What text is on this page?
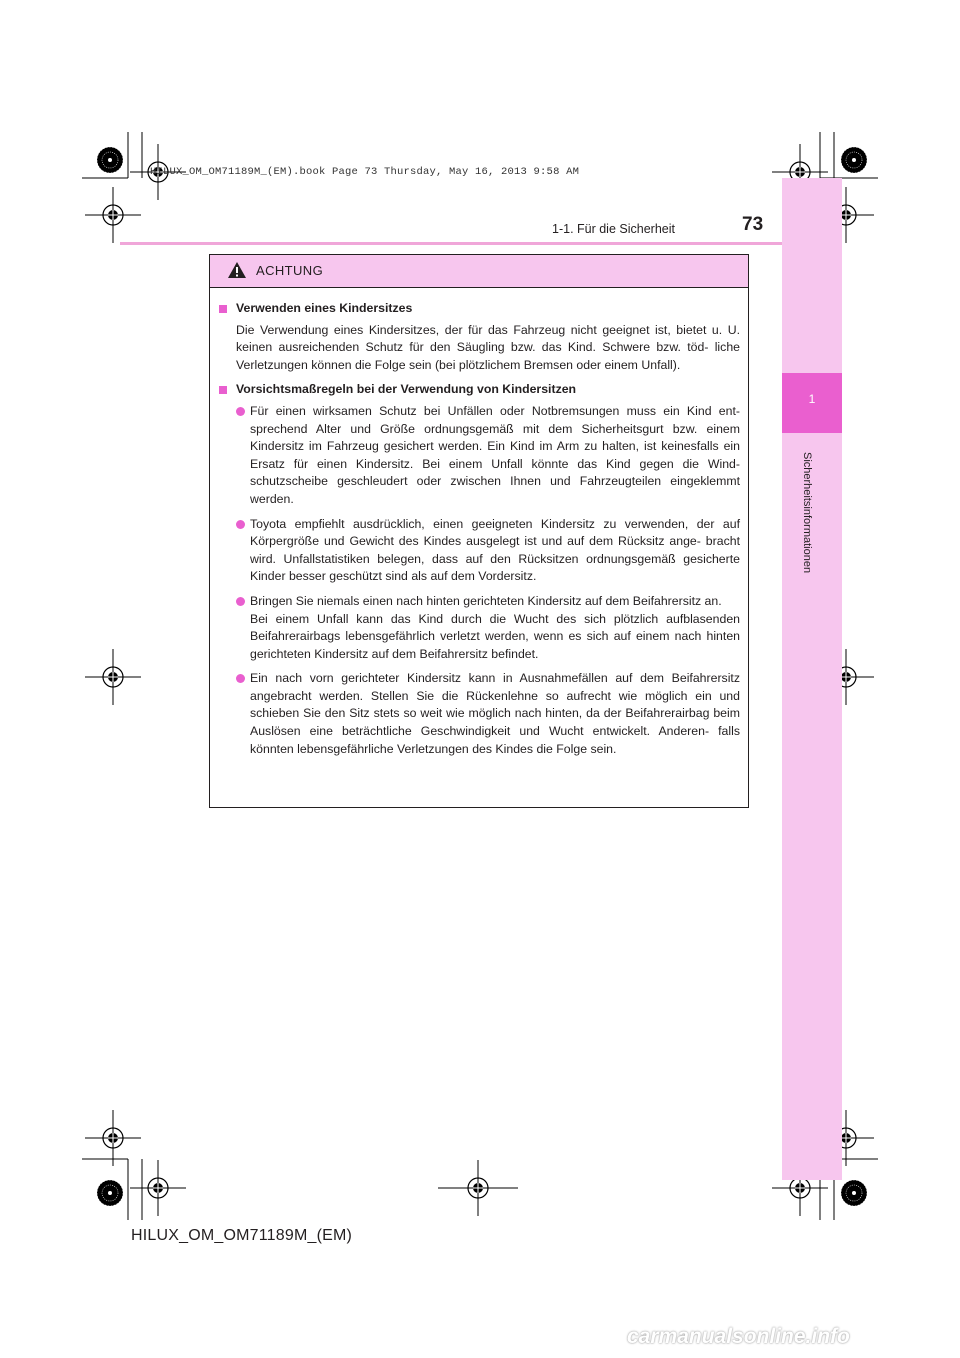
HILUX_OM_OM71189M_(EM).book Page 73 Thursday, May 16, 2013 9:58 AM
1
Sicherheitsinformationen
1-1. Für die Sicherheit	73
ACHTUNG
Verwenden eines Kindersitzes
Die Verwendung eines Kindersitzes, der für das Fahrzeug nicht geeignet ist, bietet u. U. keinen ausreichenden Schutz für den Säugling bzw. das Kind. Schwere bzw. töd- liche Verletzungen können die Folge sein (bei plötzlichem Bremsen oder einem Unfall).
Vorsichtsmaßregeln bei der Verwendung von Kindersitzen

Für einen wirksamen Schutz bei Unfällen oder Notbremsungen muss ein Kind ent- sprechend Alter und Größe ordnungsgemäß mit dem Sicherheitsgurt bzw. einem Kindersitz im Fahrzeug gesichert werden. Ein Kind im Arm zu halten, ist keinesfalls ein Ersatz für einen Kindersitz. Bei einem Unfall könnte das Kind gegen die Wind- schutzscheibe geschleudert oder zwischen Ihnen und Fahrzeugteilen eingeklemmt werden.

Toyota empfiehlt ausdrücklich, einen geeigneten Kindersitz zu verwenden, der auf Körpergröße und Gewicht des Kindes ausgelegt ist und auf dem Rücksitz ange- bracht wird. Unfallstatistiken belegen, dass auf den Rücksitzen ordnungsgemäß gesicherte Kinder besser geschützt sind als auf dem Vordersitz.

Bringen Sie niemals einen nach hinten gerichteten Kindersitz auf dem Beifahrersitz an.

Bei einem Unfall kann das Kind durch die Wucht des sich plötzlich aufblasenden Beifahrerairbags lebensgefährlich verletzt werden, wenn es sich auf einem nach hinten gerichteten Kindersitz auf dem Beifahrersitz befindet.

Ein nach vorn gerichteter Kindersitz kann in Ausnahmefällen auf dem Beifahrersitz angebracht werden. Stellen Sie die Rückenlehne so aufrecht wie möglich ein und schieben Sie den Sitz stets so weit wie möglich nach hinten, da der Beifahrerairbag beim Auslösen eine beträchtliche Geschwindigkeit und Wucht entwickelt. Anderen- falls könnten lebensgefährliche Verletzungen des Kindes die Folge sein.

HILUX_OM_OM71189M_(EM)
carmanualsonline.info
